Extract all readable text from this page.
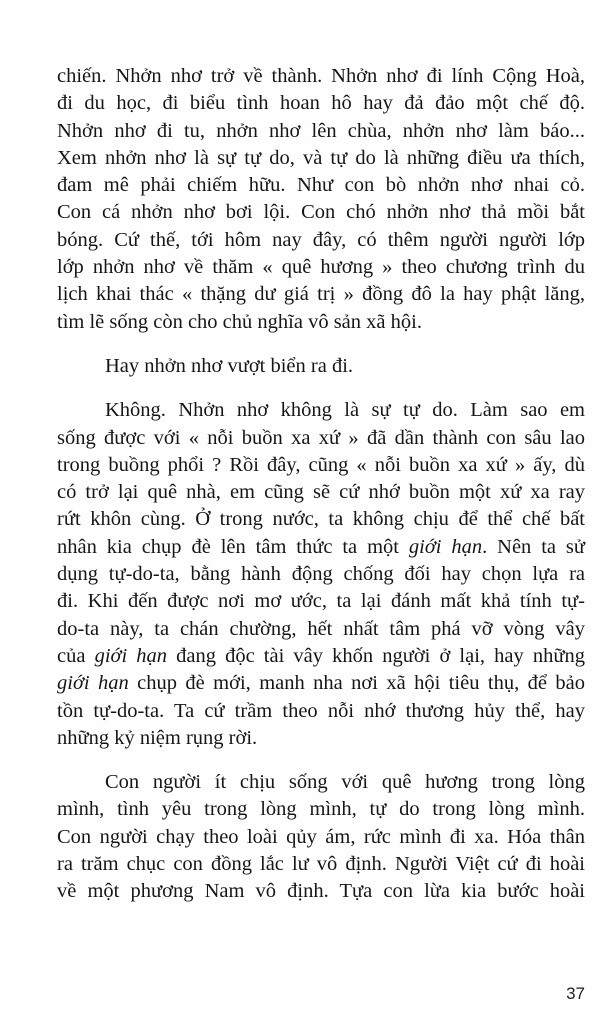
chiến. Nhởn nhơ trở về thành. Nhởn nhơ đi lính Cộng Hoà,
đi du học, đi biểu tình hoan hô hay đả đảo một chế độ.
Nhởn nhơ đi tu, nhởn nhơ lên chùa, nhởn nhơ làm báo...
Xem nhởn nhơ là sự tự do, và tự do là những điều ưa thích,
đam mê phải chiếm hữu. Như con bò nhởn nhơ nhai cỏ.
Con cá nhởn nhơ bơi lội. Con chó nhởn nhơ thả mồi bắt
bóng. Cứ thế, tới hôm nay đây, có thêm người người lớp
lớp nhởn nhơ về thăm « quê hương » theo chương trình du
lịch khai thác « thặng dư giá trị » đồng đô la hay phật lăng,
tìm lẽ sống còn cho chủ nghĩa vô sản xã hội.
Hay nhởn nhơ vượt biển ra đi.
Không. Nhởn nhơ không là sự tự do. Làm sao em
sống được với « nỗi buồn xa xứ » đã dần thành con sâu lao
trong buồng phổi ? Rồi đây, cũng « nỗi buồn xa xứ » ấy, dù
có trở lại quê nhà, em cũng sẽ cứ nhớ buồn một xứ xa ray
rứt khôn cùng. Ở trong nước, ta không chịu để thể chế bất
nhân kia chụp đè lên tâm thức ta một giới hạn. Nên ta sử
dụng tự-do-ta, bằng hành động chống đối hay chọn lựa ra
đi. Khi đến được nơi mơ ước, ta lại đánh mất khả tính tự-
do-ta này, ta chán chường, hết nhất tâm phá vỡ vòng vây
của giới hạn đang độc tài vây khốn người ở lại, hay những
giới hạn chụp đè mới, manh nha nơi xã hội tiêu thụ, để bảo
tồn tự-do-ta. Ta cứ trầm theo nỗi nhớ thương hủy thể, hay
những kỷ niệm rụng rời.
Con người ít chịu sống với quê hương trong lòng
mình, tình yêu trong lòng mình, tự do trong lòng mình.
Con người chạy theo loài qủy ám, rức mình đi xa. Hóa thân
ra trăm chục con đồng lắc lư vô định. Người Việt cứ đi hoài
về một phương Nam vô định. Tựa con lừa kia bước hoài
37
